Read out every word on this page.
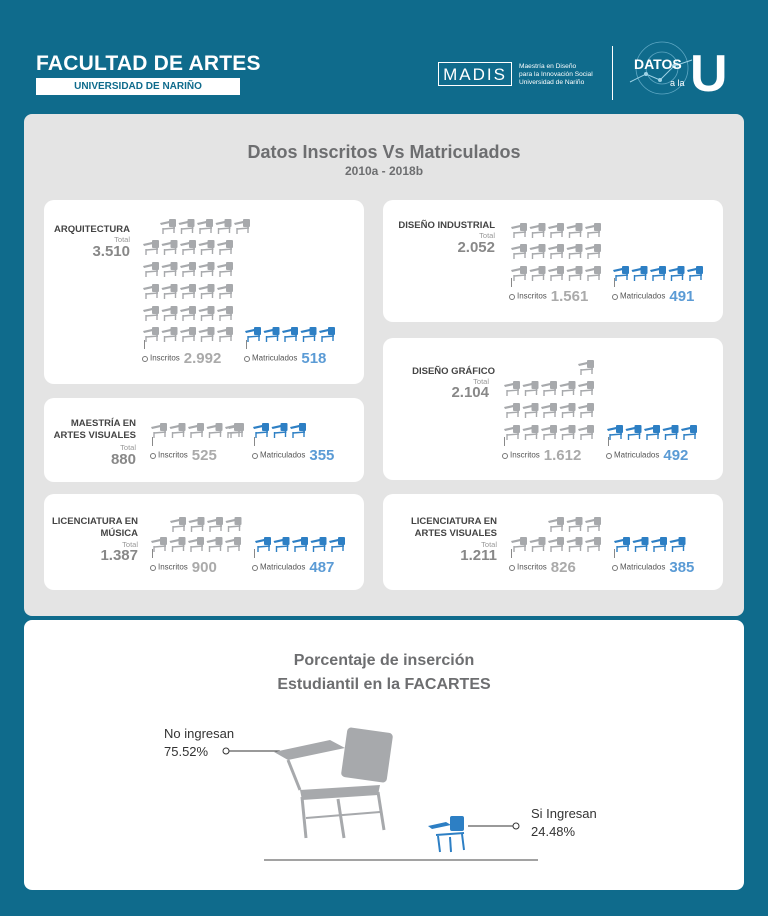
FACULTAD DE ARTES
UNIVERSIDAD DE NARIÑO
MADIS	Maestría en Diseño
para la Innovación Social
Universidad de Nariño
DATOS
a la U
Datos Inscritos Vs Matriculados
2010a - 2018b
ARQUITECTURA
Total
3.510
DISEÑO INDUSTRIAL
Total
2.052
DISEÑO GRÁFICO
Total
2.104
MAESTRÍA EN ARTES VISUALES
Total
880
LICENCIATURA EN MÚSICA
Total
1.387
LICENCIATURA EN ARTES VISUALES
Total
1.211
Inscritos 2.992	Matriculados 518
Inscritos 1.561	Matriculados 491
Inscritos 1.612	Matriculados 492
Inscritos 525	Matriculados 355
Inscritos 900	Matriculados 487	Inscritos 826	Matriculados 385
Porcentaje de inserción
Estudiantil en la FACARTES
No ingresan
75.52%
Si Ingresan
24.48%
